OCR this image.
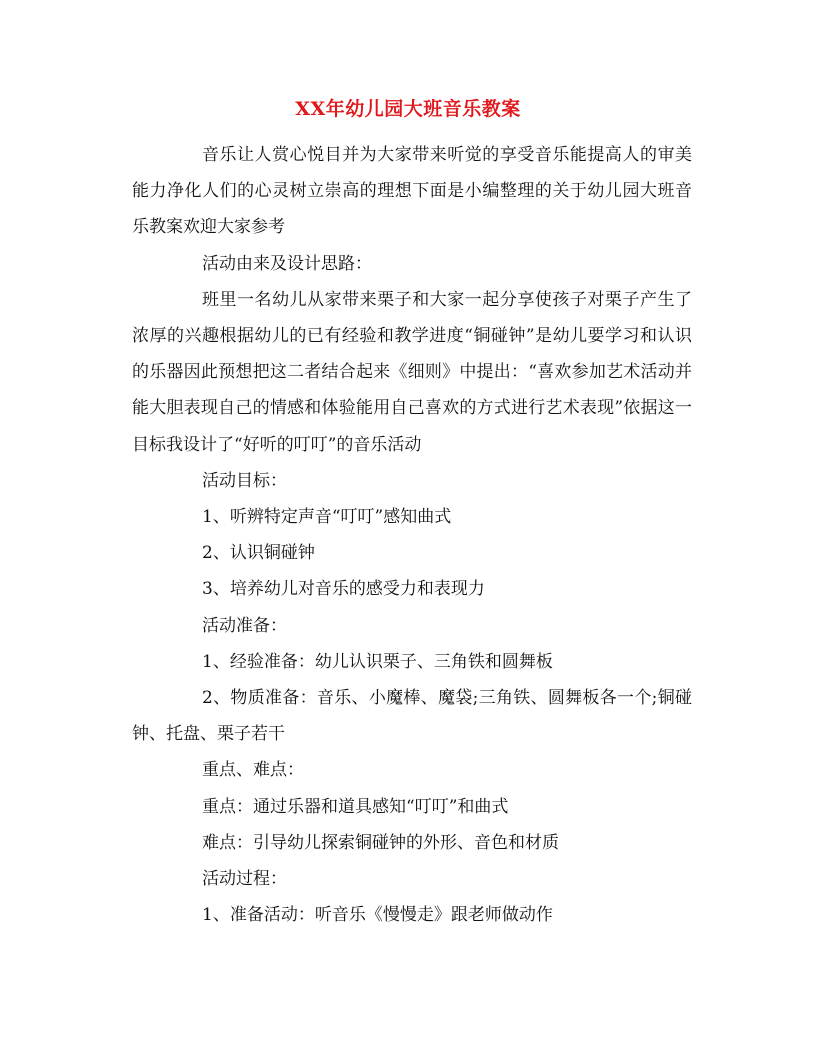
XX年幼儿园大班音乐教案

音乐让人赏心悦目并为大家带来听觉的享受音乐能提高人的审美能力净化人们的心灵树立崇高的理想下面是小编整理的关于幼儿园大班音乐教案欢迎大家参考

活动由来及设计思路：

班里一名幼儿从家带来栗子和大家一起分享使孩子对栗子产生了浓厚的兴趣根据幼儿的已有经验和教学进度“铜碰钟”是幼儿要学习和认识的乐器因此预想把这二者结合起来《细则》中提出：“喜欢参加艺术活动并能大胆表现自己的情感和体验能用自己喜欢的方式进行艺术表现”依据这一目标我设计了“好听的叮叮”的音乐活动

活动目标：

1、听辨特定声音“叮叮”感知曲式

2、认识铜碰钟

3、培养幼儿对音乐的感受力和表现力

活动准备：

1、经验准备：幼儿认识栗子、三角铁和圆舞板

2、物质准备：音乐、小魔棒、魔袋;三角铁、圆舞板各一个;铜碰钟、托盘、栗子若干

重点、难点：

重点：通过乐器和道具感知“叮叮”和曲式

难点：引导幼儿探索铜碰钟的外形、音色和材质

活动过程：

1、准备活动：听音乐《慢慢走》跟老师做动作
